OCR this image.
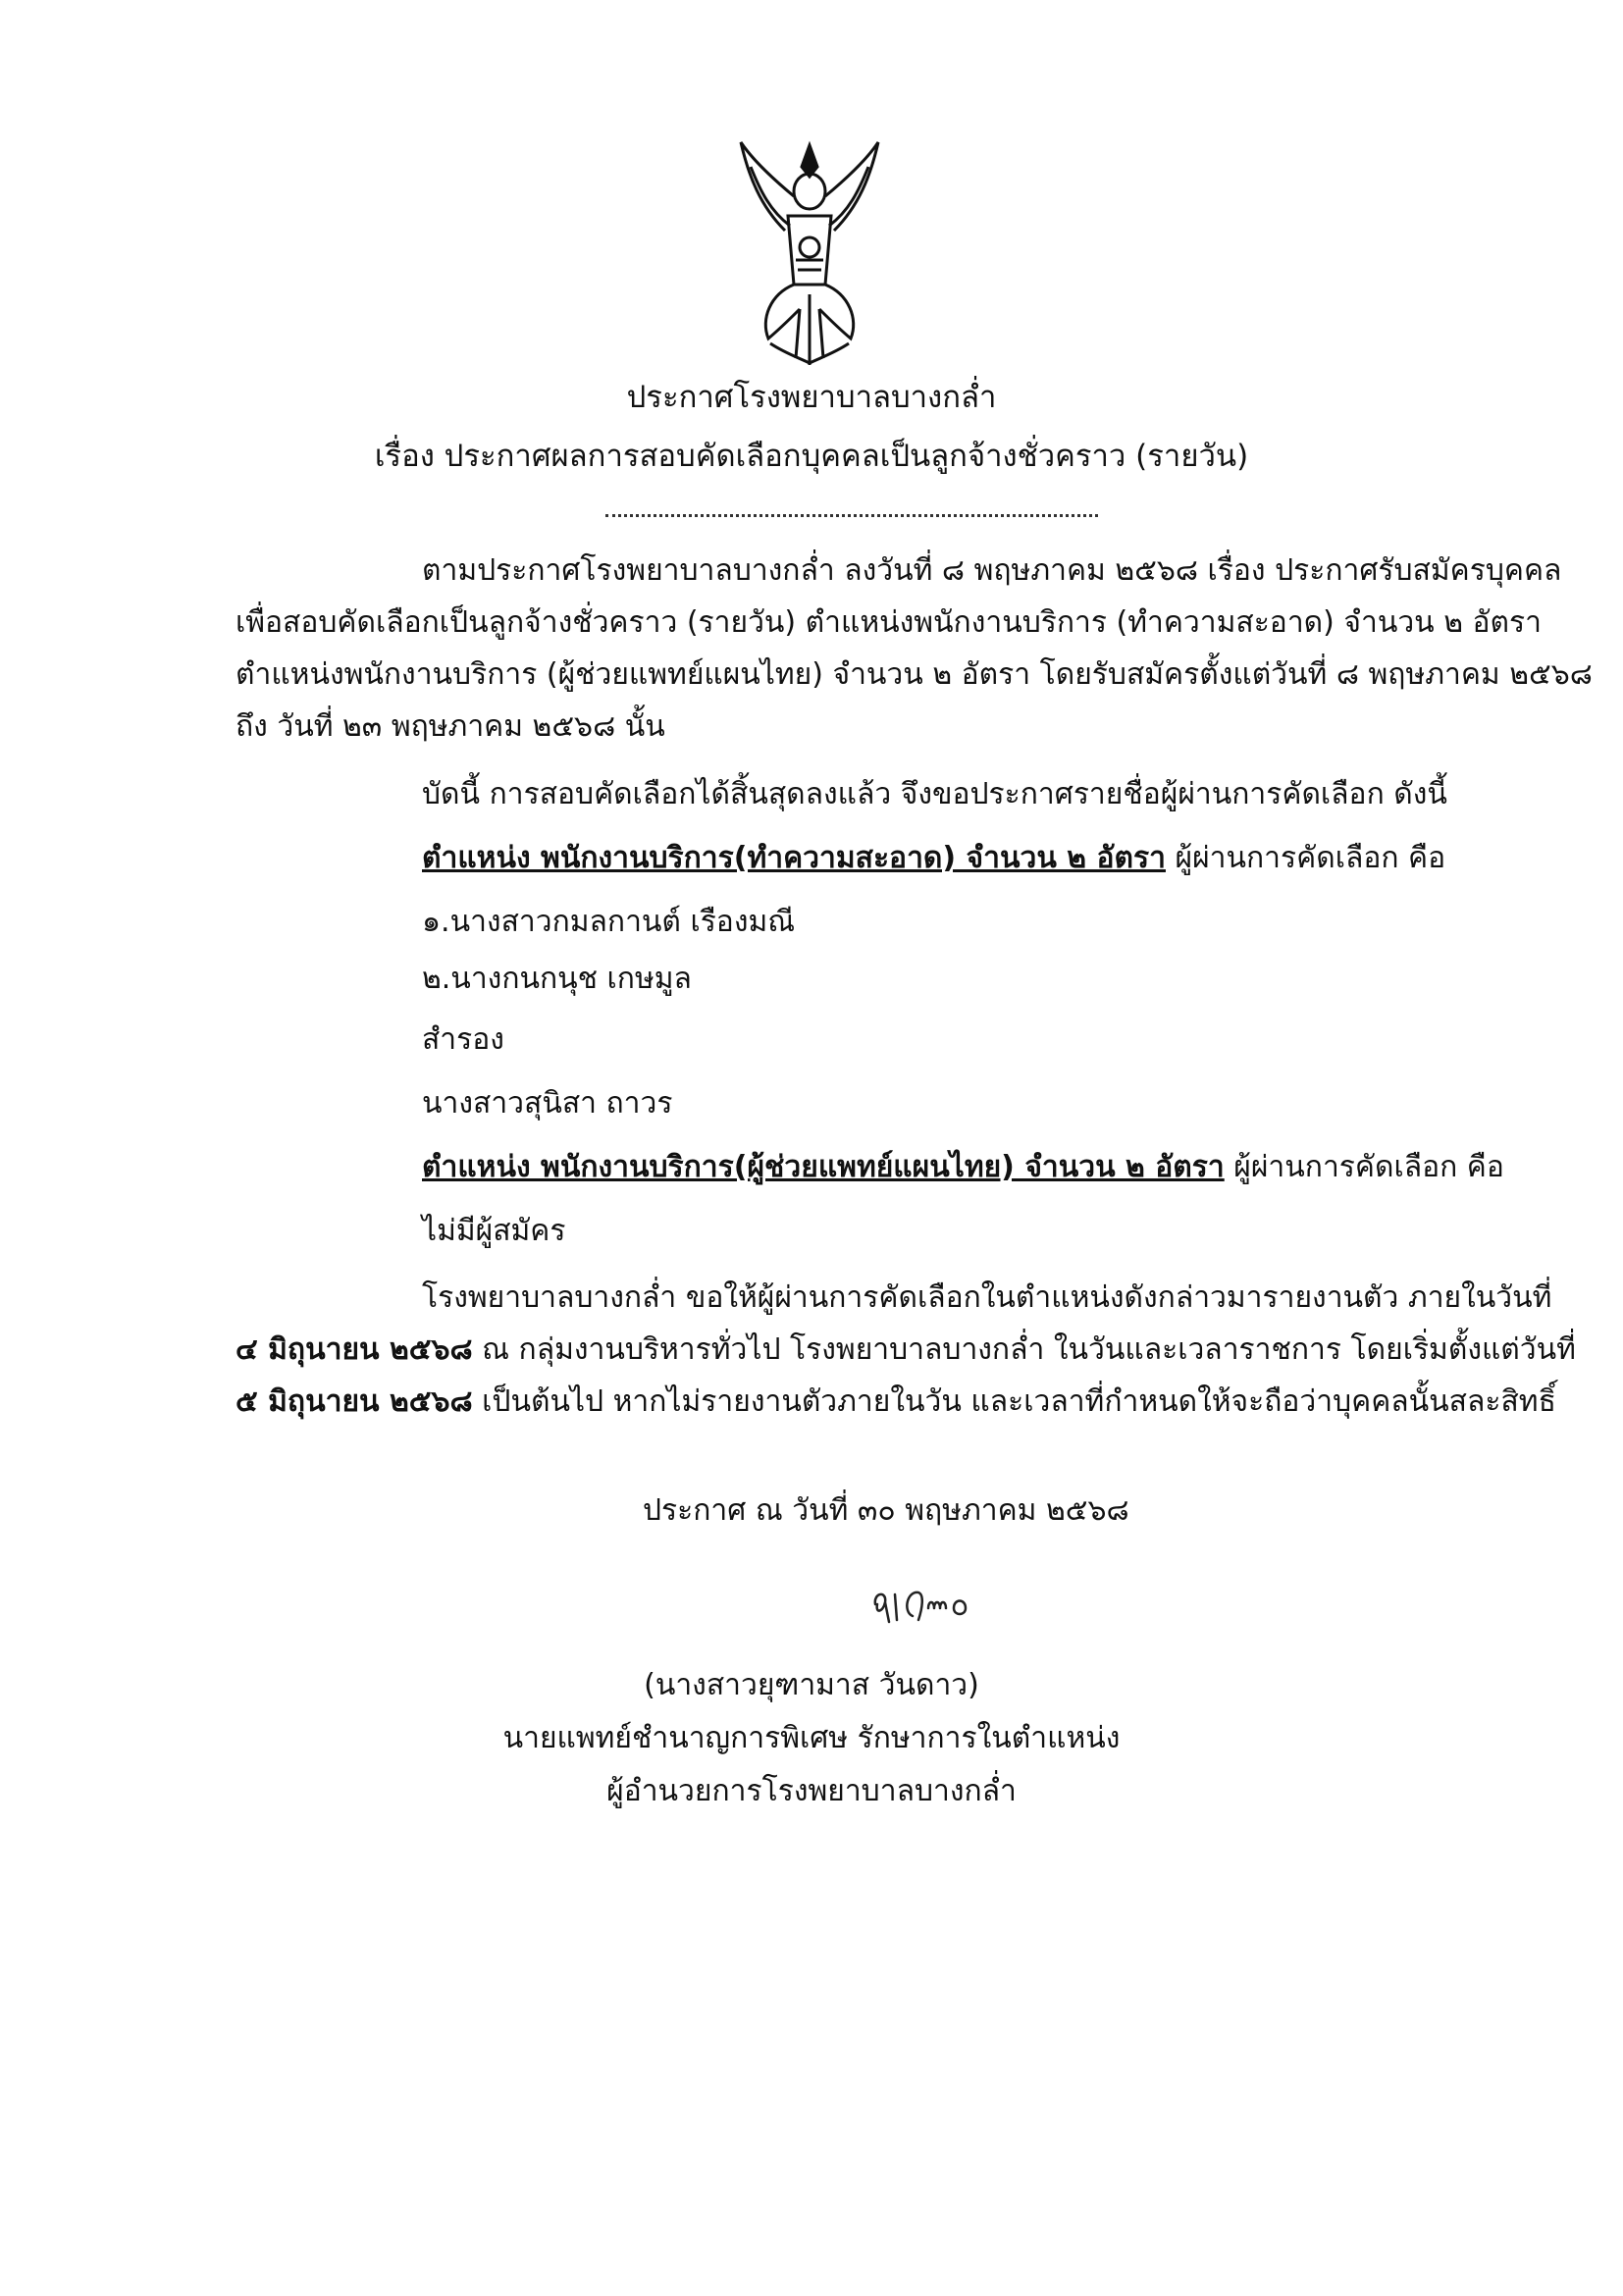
ประกาศโรงพยาบาลบางกล่ำ
เรื่อง ประกาศผลการสอบคัดเลือกบุคคลเป็นลูกจ้างชั่วคราว (รายวัน)
ตามประกาศโรงพยาบาลบางกล่ำ ลงวันที่ ๘ พฤษภาคม ๒๕๖๘ เรื่อง ประกาศรับสมัครบุคคล
เพื่อสอบคัดเลือกเป็นลูกจ้างชั่วคราว (รายวัน) ตำแหน่งพนักงานบริการ (ทำความสะอาด) จำนวน ๒ อัตรา
ตำแหน่งพนักงานบริการ (ผู้ช่วยแพทย์แผนไทย) จำนวน ๒ อัตรา โดยรับสมัครตั้งแต่วันที่ ๘ พฤษภาคม ๒๕๖๘
ถึง วันที่ ๒๓ พฤษภาคม ๒๕๖๘ นั้น
บัดนี้ การสอบคัดเลือกได้สิ้นสุดลงแล้ว จึงขอประกาศรายชื่อผู้ผ่านการคัดเลือก ดังนี้
ตำแหน่ง พนักงานบริการ(ทำความสะอาด) จำนวน ๒ อัตรา ผู้ผ่านการคัดเลือก คือ
๑.นางสาวกมลกานต์ เรืองมณี
๒.นางกนกนุช เกษมูล
สำรอง
นางสาวสุนิสา ถาวร
ตำแหน่ง พนักงานบริการ(ผู้ช่วยแพทย์แผนไทย) จำนวน ๒ อัตรา ผู้ผ่านการคัดเลือก คือ
ไม่มีผู้สมัคร
โรงพยาบาลบางกล่ำ ขอให้ผู้ผ่านการคัดเลือกในตำแหน่งดังกล่าวมารายงานตัว ภายในวันที่
๔ มิถุนายน ๒๕๖๘ ณ กลุ่มงานบริหารทั่วไป โรงพยาบาลบางกล่ำ ในวันและเวลาราชการ โดยเริ่มตั้งแต่วันที่
๕ มิถุนายน ๒๕๖๘ เป็นต้นไป หากไม่รายงานตัวภายในวัน และเวลาที่กำหนดให้จะถือว่าบุคคลนั้นสละสิทธิ์
ประกาศ ณ วันที่ ๓๐ พฤษภาคม ๒๕๖๘
(นางสาวยุฑามาส วันดาว)
นายแพทย์ชำนาญการพิเศษ รักษาการในตำแหน่ง
ผู้อำนวยการโรงพยาบาลบางกล่ำ
